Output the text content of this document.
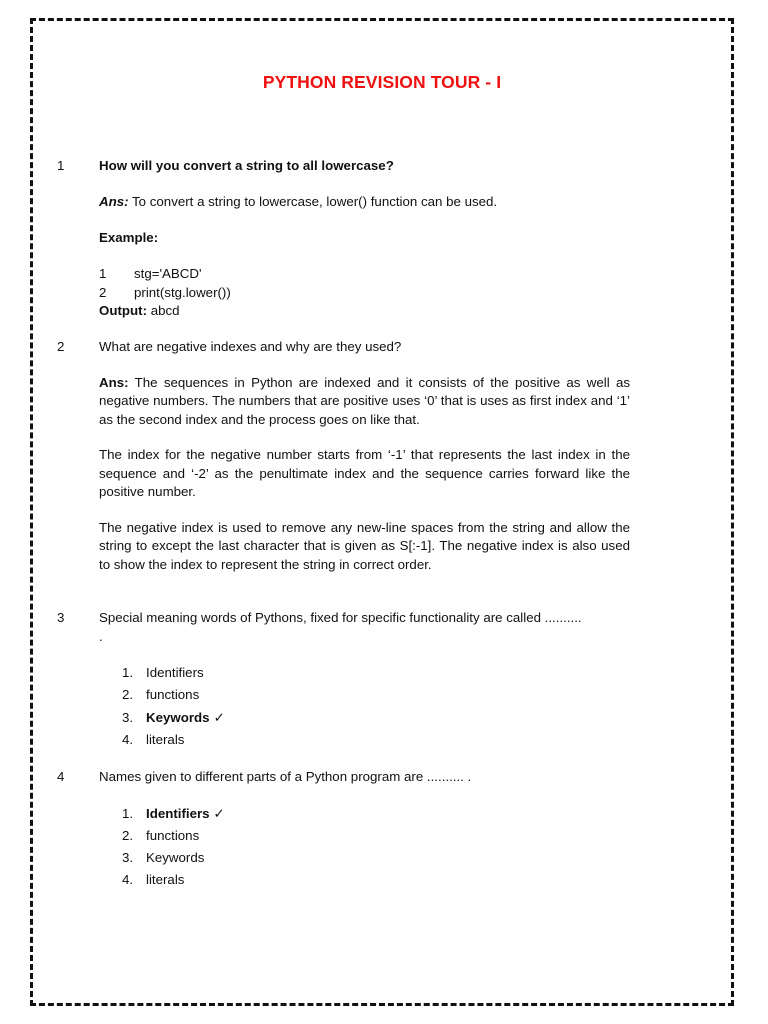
PYTHON REVISION TOUR - I
1	How will you convert a string to all lowercase?

Ans: To convert a string to lowercase, lower() function can be used.

Example:

1 stg='ABCD'
2 print(stg.lower())

Output: abcd

2	What are negative indexes and why are they used?

Ans: The sequences in Python are indexed and it consists of the positive as well as negative numbers. The numbers that are positive uses ‘0’ that is uses as first index and ‘1’ as the second index and the process goes on like that.

The index for the negative number starts from ‘-1’ that represents the last index in the sequence and ‘-2’ as the penultimate index and the sequence carries forward like the positive number.

The negative index is used to remove any new-line spaces from the string and allow the string to except the last character that is given as S[:-1]. The negative index is also used to show the index to represent the string in correct order.

3	Special meaning words of Pythons, fixed for specific functionality are called ..........

.

1. Identifiers
2. functions
3. Keywords ✓
4. literals
4	Names given to different parts of a Python program are .......... .

1. Identifiers ✓
2. functions
3. Keywords
4. literals
